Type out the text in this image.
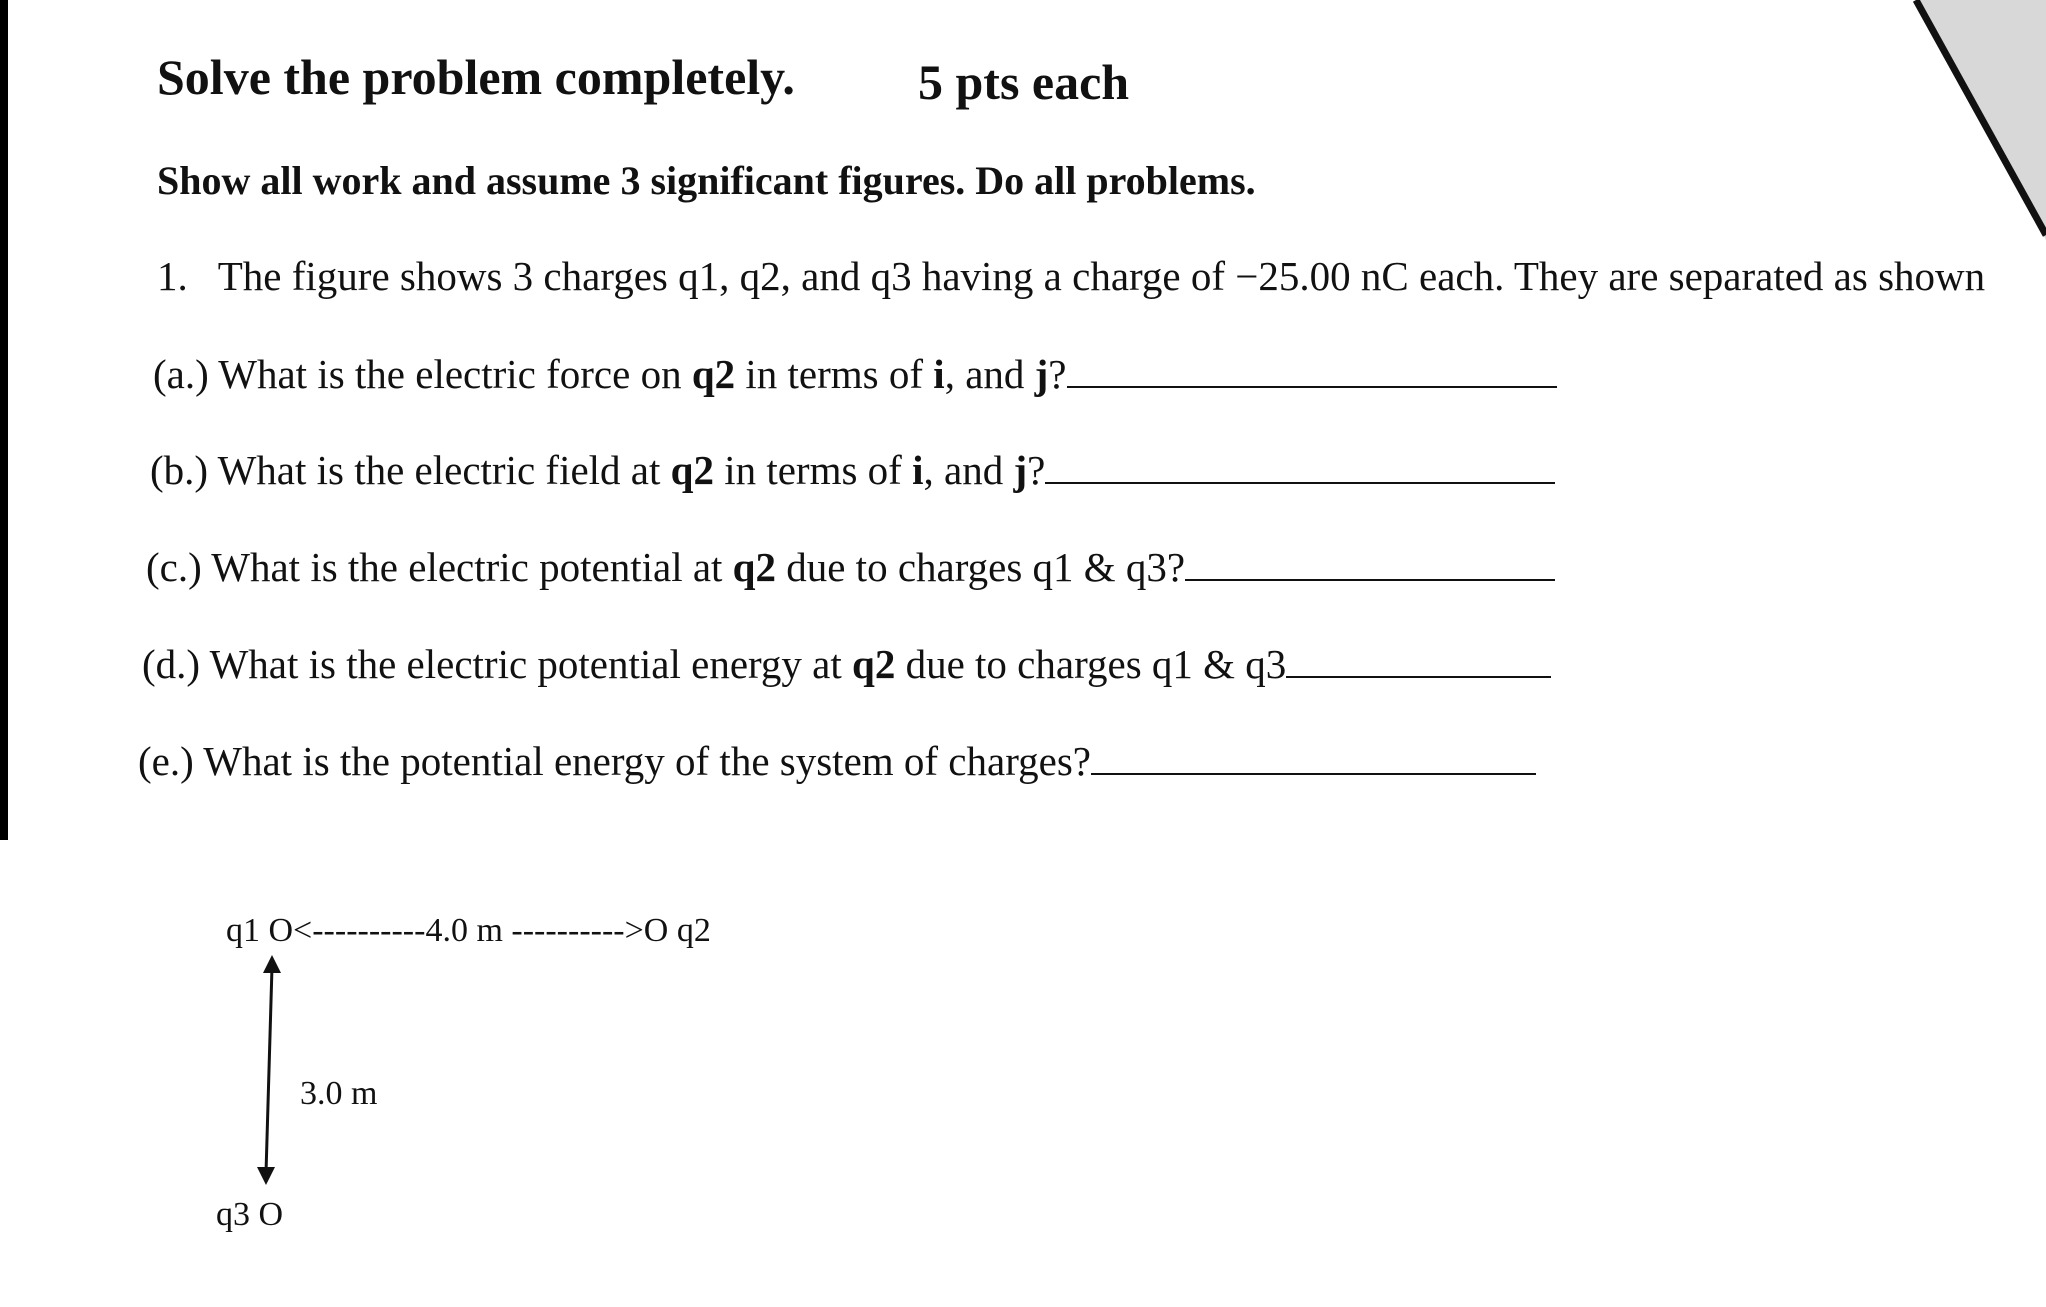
Solve the problem completely. 5 pts each
Show all work and assume 3 significant figures. Do all problems.
1. The figure shows 3 charges q1, q2, and q3 having a charge of −25.00 nC each. They are separated as shown
(a.) What is the electric force on q2 in terms of i, and j?
(b.) What is the electric field at q2 in terms of i, and j?
(c.) What is the electric potential at q2 due to charges q1 & q3?
(d.) What is the electric potential energy at q2 due to charges q1 & q3
(e.) What is the potential energy of the system of charges?
q1 O<----------4.0 m ---------->O q2
3.0 m
q3 O
